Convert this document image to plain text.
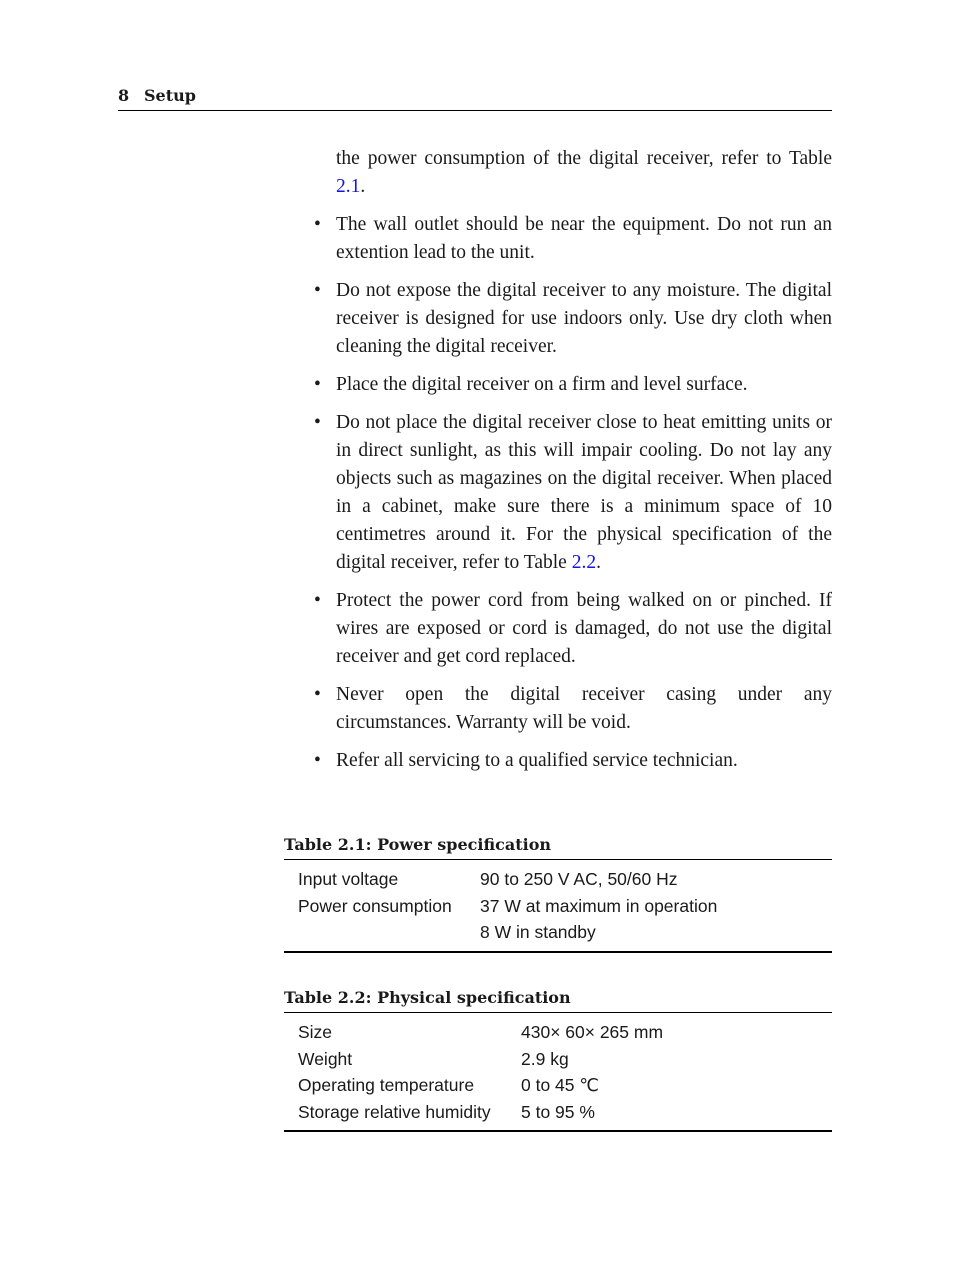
8 Setup

the power consumption of the digital receiver, refer to Table 2.1.

• The wall outlet should be near the equipment. Do not run an extention lead to the unit.
• Do not expose the digital receiver to any moisture. The digital receiver is designed for use indoors only. Use dry cloth when cleaning the digital receiver.
• Place the digital receiver on a firm and level surface.
• Do not place the digital receiver close to heat emitting units or in direct sunlight, as this will impair cooling. Do not lay any objects such as magazines on the digital receiver. When placed in a cabinet, make sure there is a minimum space of 10 centimetres around it. For the physical specification of the digital receiver, refer to Table 2.2.
• Protect the power cord from being walked on or pinched. If wires are exposed or cord is damaged, do not use the digital receiver and get cord replaced.
• Never open the digital receiver casing under any circumstances. Warranty will be void.
• Refer all servicing to a qualified service technician.
Table 2.1: Power specification
Input voltage	90 to 250 V AC, 50/60 Hz
Power consumption 37 W at maximum in operation
8 W in standby
Table 2.2: Physical specification
Size	430× 60× 265 mm
Weight	2.9 kg
Operating temperature	0 to 45 ℃
Storage relative humidity 5 to 95 %
